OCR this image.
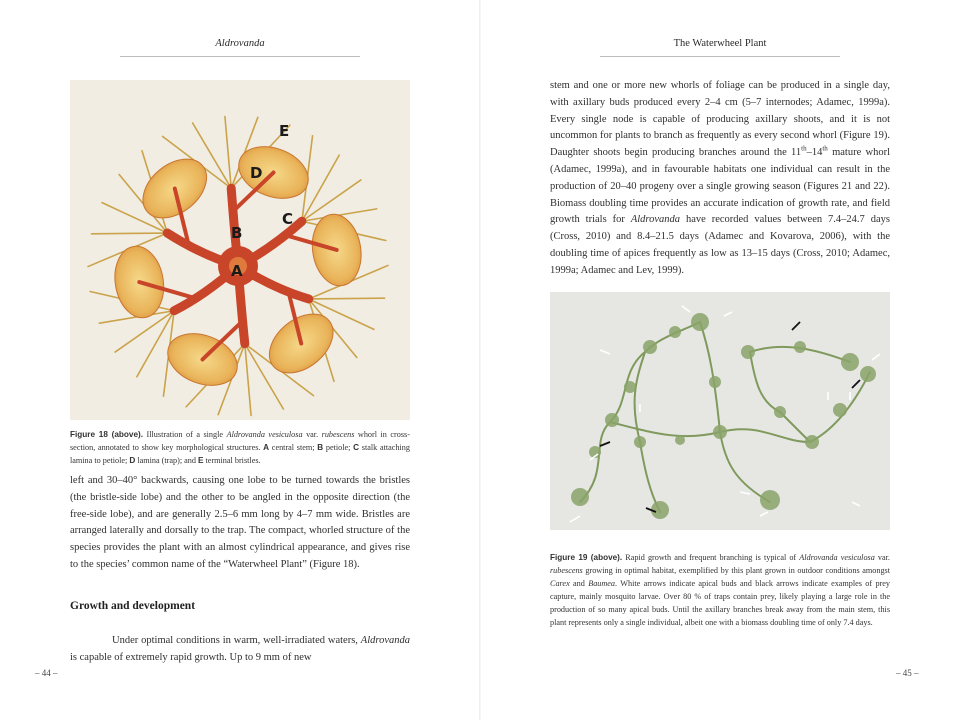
Aldrovanda	The Waterwheel Plant
A
B
C
D
E
Figure 18 (above). Illustration of a single Aldrovanda vesiculosa var. rubescens whorl in cross-section, annotated to show key morphological structures. A central stem; B petiole; C stalk attaching lamina to petiole; D lamina (trap); and E terminal bristles.
left and 30–40° backwards, causing one lobe to be turned towards the bristles (the bristle-side lobe) and the other to be angled in the opposite direction (the free-side lobe), and are generally 2.5–6 mm long by 4–7 mm wide. Bristles are arranged laterally and dorsally to the trap. The compact, whorled structure of the species provides the plant with an almost cylindrical appearance, and gives rise to the species’ common name of the “Waterwheel Plant” (Figure 18).
Growth and development
Under optimal conditions in warm, well-irradiated waters, Aldrovanda is capable of extremely rapid growth. Up to 9 mm of new
– 44 –
stem and one or more new whorls of foliage can be produced in a single day, with axillary buds produced every 2–4 cm (5–7 internodes; Adamec, 1999a). Every single node is capable of producing axillary shoots, and it is not uncommon for plants to branch as frequently as every second whorl (Figure 19). Daughter shoots begin producing branches around the 11th–14th mature whorl (Adamec, 1999a), and in favourable habitats one individual can result in the production of 20–40 progeny over a single growing season (Figures 21 and 22). Biomass doubling time provides an accurate indication of growth rate, and field growth trials for Aldrovanda have recorded values between 7.4–24.7 days (Cross, 2010) and 8.4–21.5 days (Adamec and Kovarova, 2006), with the doubling time of apices frequently as low as 13–15 days (Cross, 2010; Adamec, 1999a; Adamec and Lev, 1999).
Figure 19 (above). Rapid growth and frequent branching is typical of Aldrovanda vesiculosa var. rubescens growing in optimal habitat, exemplified by this plant grown in outdoor conditions amongst Carex and Baumea. White arrows indicate apical buds and black arrows indicate examples of prey capture, mainly mosquito larvae. Over 80 % of traps contain prey, likely playing a large role in the production of so many apical buds. Until the axillary branches break away from the main stem, this plant represents only a single individual, albeit one with a biomass doubling time of only 7.4 days.
– 45 –
